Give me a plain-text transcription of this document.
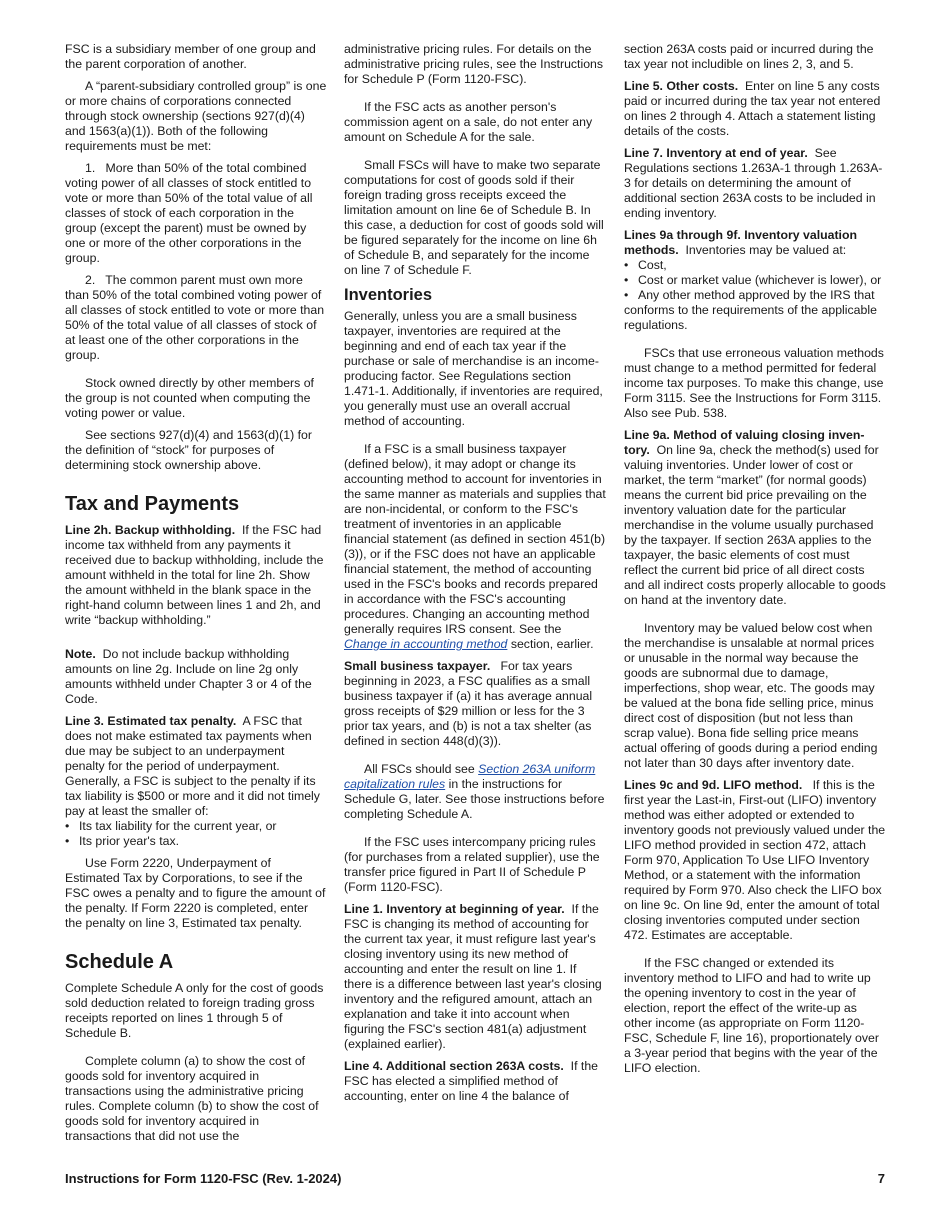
FSC is a subsidiary member of one group and the parent corporation of another.

A “parent-subsidiary controlled group” is one or more chains of corporations connected through stock ownership (sections 927(d)(4) and 1563(a)(1)). Both of the following requirements must be met:

1.   More than 50% of the total combined voting power of all classes of stock entitled to vote or more than 50% of the total value of all classes of stock of each corporation in the group (except the parent) must be owned by one or more of the other corporations in the group.

2.   The common parent must own more than 50% of the total combined voting power of all classes of stock entitled to vote or more than 50% of the total value of all classes of stock of at least one of the other corporations in the group.

Stock owned directly by other members of the group is not counted when computing the voting power or value.

See sections 927(d)(4) and 1563(d)(1) for the definition of “stock” for purposes of determining stock ownership above.

Tax and Payments

Line 2h. Backup withholding. If the FSC had income tax withheld from any payments it received due to backup withholding, include the amount withheld in the total for line 2h. Show the amount withheld in the blank space in the right-hand column between lines 1 and 2h, and write “backup withholding.”

Note. Do not include backup withholding amounts on line 2g. Include on line 2g only amounts withheld under Chapter 3 or 4 of the Code.

Line 3. Estimated tax penalty. A FSC that does not make estimated tax payments when due may be subject to an underpayment penalty for the period of underpayment. Generally, a FSC is subject to the penalty if its tax liability is $500 or more and it did not timely pay at least the smaller of:

• Its tax liability for the current year, or

• Its prior year's tax.

Use Form 2220, Underpayment of Estimated Tax by Corporations, to see if the FSC owes a penalty and to figure the amount of the penalty. If Form 2220 is completed, enter the penalty on line 3, Estimated tax penalty.

Schedule A

Complete Schedule A only for the cost of goods sold deduction related to foreign trading gross receipts reported on lines 1 through 5 of Schedule B.

Complete column (a) to show the cost of goods sold for inventory acquired in transactions using the administrative pricing rules. Complete column (b) to show the cost of goods sold for inventory acquired in transactions that did not use the

administrative pricing rules. For details on the administrative pricing rules, see the Instructions for Schedule P (Form 1120-FSC).

If the FSC acts as another person's commission agent on a sale, do not enter any amount on Schedule A for the sale.

Small FSCs will have to make two separate computations for cost of goods sold if their foreign trading gross receipts exceed the limitation amount on line 6e of Schedule B. In this case, a deduction for cost of goods sold will be figured separately for the income on line 6h of Schedule B, and separately for the income on line 7 of Schedule F.

Inventories

Generally, unless you are a small business taxpayer, inventories are required at the beginning and end of each tax year if the purchase or sale of merchandise is an income-producing factor. See Regulations section 1.471-1. Additionally, if inventories are required, you generally must use an overall accrual method of accounting.

If a FSC is a small business taxpayer (defined below), it may adopt or change its accounting method to account for inventories in the same manner as materials and supplies that are non-incidental, or conform to the FSC's treatment of inventories in an applicable financial statement (as defined in section 451(b)(3)), or if the FSC does not have an applicable financial statement, the method of accounting used in the FSC's books and records prepared in accordance with the FSC's accounting procedures. Changing an accounting method generally requires IRS consent. See the Change in accounting method section, earlier.

Small business taxpayer. For tax years beginning in 2023, a FSC qualifies as a small business taxpayer if (a) it has average annual gross receipts of $29 million or less for the 3 prior tax years, and (b) is not a tax shelter (as defined in section 448(d)(3)).

All FSCs should see Section 263A uniform capitalization rules in the instructions for Schedule G, later. See those instructions before completing Schedule A.

If the FSC uses intercompany pricing rules (for purchases from a related supplier), use the transfer price figured in Part II of Schedule P (Form 1120-FSC).

Line 1. Inventory at beginning of year. If the FSC is changing its method of accounting for the current tax year, it must refigure last year's closing inventory using its new method of accounting and enter the result on line 1. If there is a difference between last year's closing inventory and the refigured amount, attach an explanation and take it into account when figuring the FSC's section 481(a) adjustment (explained earlier).

Line 4. Additional section 263A costs. If the FSC has elected a simplified method of accounting, enter on line 4 the balance of

section 263A costs paid or incurred during the tax year not includible on lines 2, 3, and 5.

Line 5. Other costs. Enter on line 5 any costs paid or incurred during the tax year not entered on lines 2 through 4. Attach a statement listing details of the costs.

Line 7. Inventory at end of year. See Regulations sections 1.263A-1 through 1.263A-3 for details on determining the amount of additional section 263A costs to be included in ending inventory.

Lines 9a through 9f. Inventory valuation methods. Inventories may be valued at:

• Cost,

• Cost or market value (whichever is lower), or

• Any other method approved by the IRS that conforms to the requirements of the applicable regulations.

FSCs that use erroneous valuation methods must change to a method permitted for federal income tax purposes. To make this change, use Form 3115. See the Instructions for Form 3115. Also see Pub. 538.

Line 9a. Method of valuing closing inven-tory. On line 9a, check the method(s) used for valuing inventories. Under lower of cost or market, the term “market” (for normal goods) means the current bid price prevailing on the inventory valuation date for the particular merchandise in the volume usually purchased by the taxpayer. If section 263A applies to the taxpayer, the basic elements of cost must reflect the current bid price of all direct costs and all indirect costs properly allocable to goods on hand at the inventory date.

Inventory may be valued below cost when the merchandise is unsalable at normal prices or unusable in the normal way because the goods are subnormal due to damage, imperfections, shop wear, etc. The goods may be valued at the bona fide selling price, minus direct cost of disposition (but not less than scrap value). Bona fide selling price means actual offering of goods during a period ending not later than 30 days after inventory date.

Lines 9c and 9d. LIFO method. If this is the first year the Last-in, First-out (LIFO) inventory method was either adopted or extended to inventory goods not previously valued under the LIFO method provided in section 472, attach Form 970, Application To Use LIFO Inventory Method, or a statement with the information required by Form 970. Also check the LIFO box on line 9c. On line 9d, enter the amount of total closing inventories computed under section 472. Estimates are acceptable.

If the FSC changed or extended its inventory method to LIFO and had to write up the opening inventory to cost in the year of election, report the effect of the write-up as other income (as appropriate on Form 1120-FSC, Schedule F, line 16), proportionately over a 3-year period that begins with the year of the LIFO election.

Instructions for Form 1120-FSC (Rev. 1-2024)	7
